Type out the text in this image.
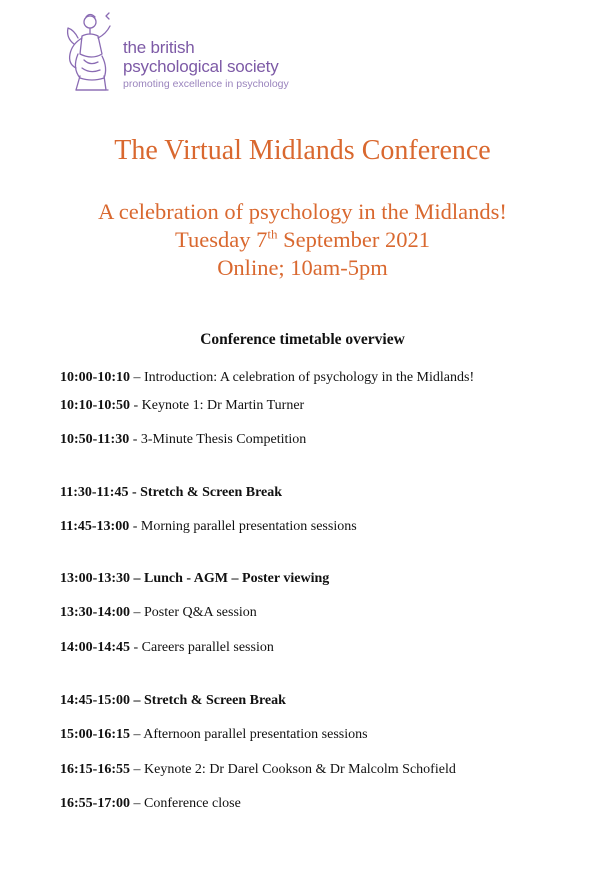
the british
psychological society
promoting excellence in psychology
The Virtual Midlands Conference
A celebration of psychology in the Midlands!
Tuesday 7th September 2021
Online; 10am-5pm
Conference timetable overview
10:00-10:10 – Introduction: A celebration of psychology in the Midlands!
10:10-10:50 - Keynote 1: Dr Martin Turner
10:50-11:30 - 3-Minute Thesis Competition
11:30-11:45 - Stretch & Screen Break
11:45-13:00 - Morning parallel presentation sessions
13:00-13:30 – Lunch - AGM – Poster viewing
13:30-14:00 – Poster Q&A session
14:00-14:45 - Careers parallel session
14:45-15:00 – Stretch & Screen Break
15:00-16:15 – Afternoon parallel presentation sessions
16:15-16:55 – Keynote 2: Dr Darel Cookson & Dr Malcolm Schofield
16:55-17:00 – Conference close
